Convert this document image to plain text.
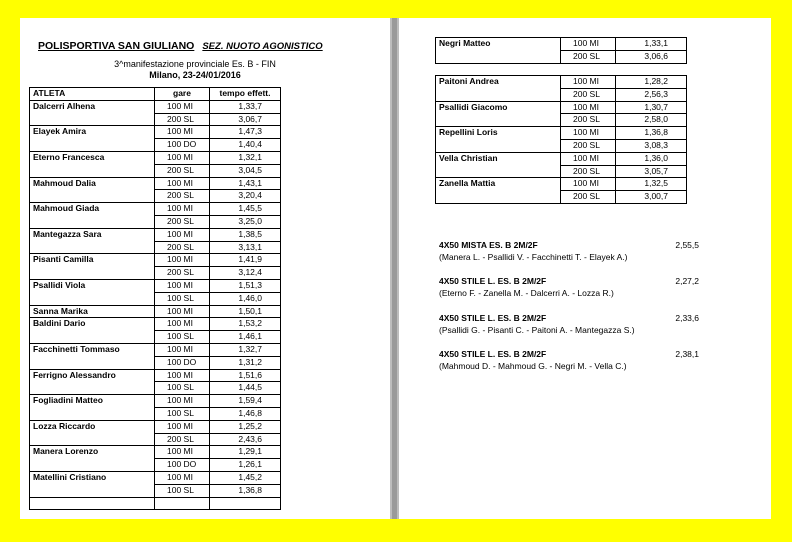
POLISPORTIVA SAN GIULIANO SEZ. NUOTO AGONISTICO
3^manifestazione provinciale Es. B - FIN
Milano, 23-24/01/2016
ATLETA	gare	tempo effett.
Dalcerri Alhena	100 MI	1,33,7
	200 SL	3,06,7
Elayek Amira	100 MI	1,47,3
	100 DO	1,40,4
Eterno Francesca	100 MI	1,32,1
	200 SL	3,04,5
Mahmoud Dalia	100 MI	1,43,1
	200 SL	3,20,4
Mahmoud Giada	100 MI	1,45,5
	200 SL	3,25,0
Mantegazza Sara	100 MI	1,38,5
	200 SL	3,13,1
Pisanti Camilla	100 MI	1,41,9
	200 SL	3,12,4
Psallidi Viola	100 MI	1,51,3
	100 SL	1,46,0
Sanna Marika	100 MI	1,50,1
Baldini Dario	100 MI	1,53,2
	100 SL	1,46,1
Facchinetti Tommaso	100 MI	1,32,7
	100 DO	1,31,2
Ferrigno Alessandro	100 MI	1,51,6
	100 SL	1,44,5
Fogliadini Matteo	100 MI	1,59,4
	100 SL	1,46,8
Lozza Riccardo	100 MI	1,25,2
	200 SL	2,43,6
Manera Lorenzo	100 MI	1,29,1
	100 DO	1,26,1
Matellini Cristiano	100 MI	1,45,2
	100 SL	1,36,8

Negri Matteo	100 MI	1,33,1
	200 SL	3,06,6

Paitoni Andrea	100 MI	1,28,2
	200 SL	2,56,3
Psallidi Giacomo	100 MI	1,30,7
	200 SL	2,58,0
Repellini Loris	100 MI	1,36,8
	200 SL	3,08,3
Vella Christian	100 MI	1,36,0
	200 SL	3,05,7
Zanella Mattia	100 MI	1,32,5
	200 SL	3,00,7

4X50 MISTA ES. B 2M/2F	2,55,5
(Manera L. - Psallidi V. - Facchinetti T. - Elayek A.)
4X50 STILE L. ES. B 2M/2F	2,27,2
(Eterno F. - Zanella M. - Dalcerri A. - Lozza R.)
4X50 STILE L. ES. B 2M/2F	2,33,6
(Psallidi G. - Pisanti C. - Paitoni A. - Mantegazza S.)
4X50 STILE L. ES. B 2M/2F	2,38,1
(Mahmoud D. - Mahmoud G. - Negri M. - Vella C.)
